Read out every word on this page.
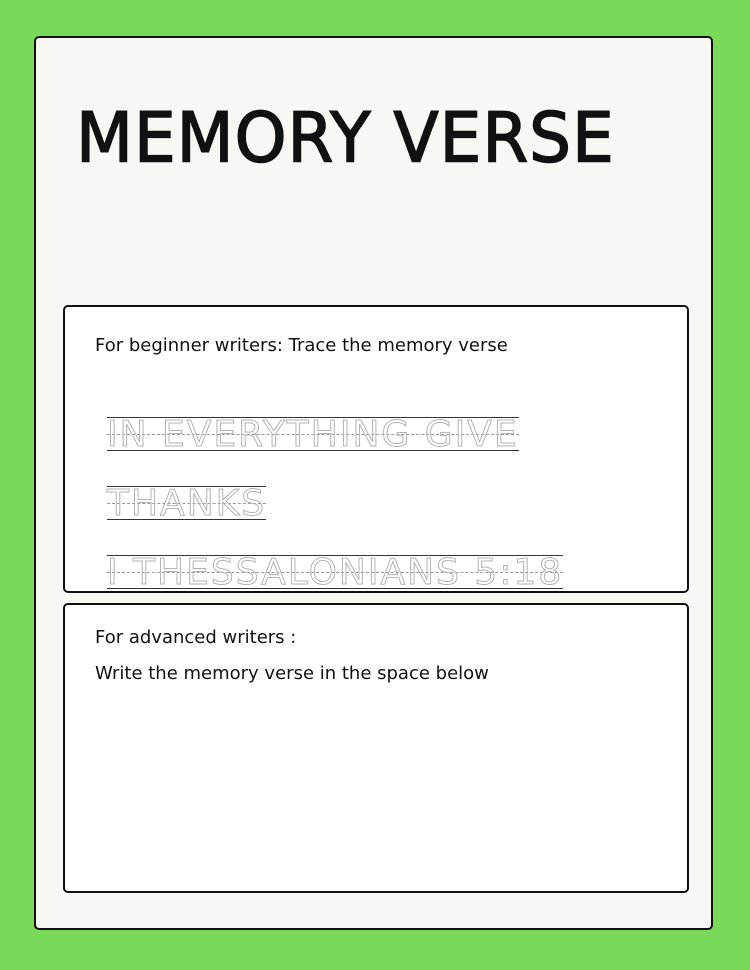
MEMORY VERSE

For beginner writers: Trace the memory verse

IN EVERYTHING GIVE
THANKS
I THESSALONIANS 5:18

For advanced writers :

Write the memory verse in the space below
